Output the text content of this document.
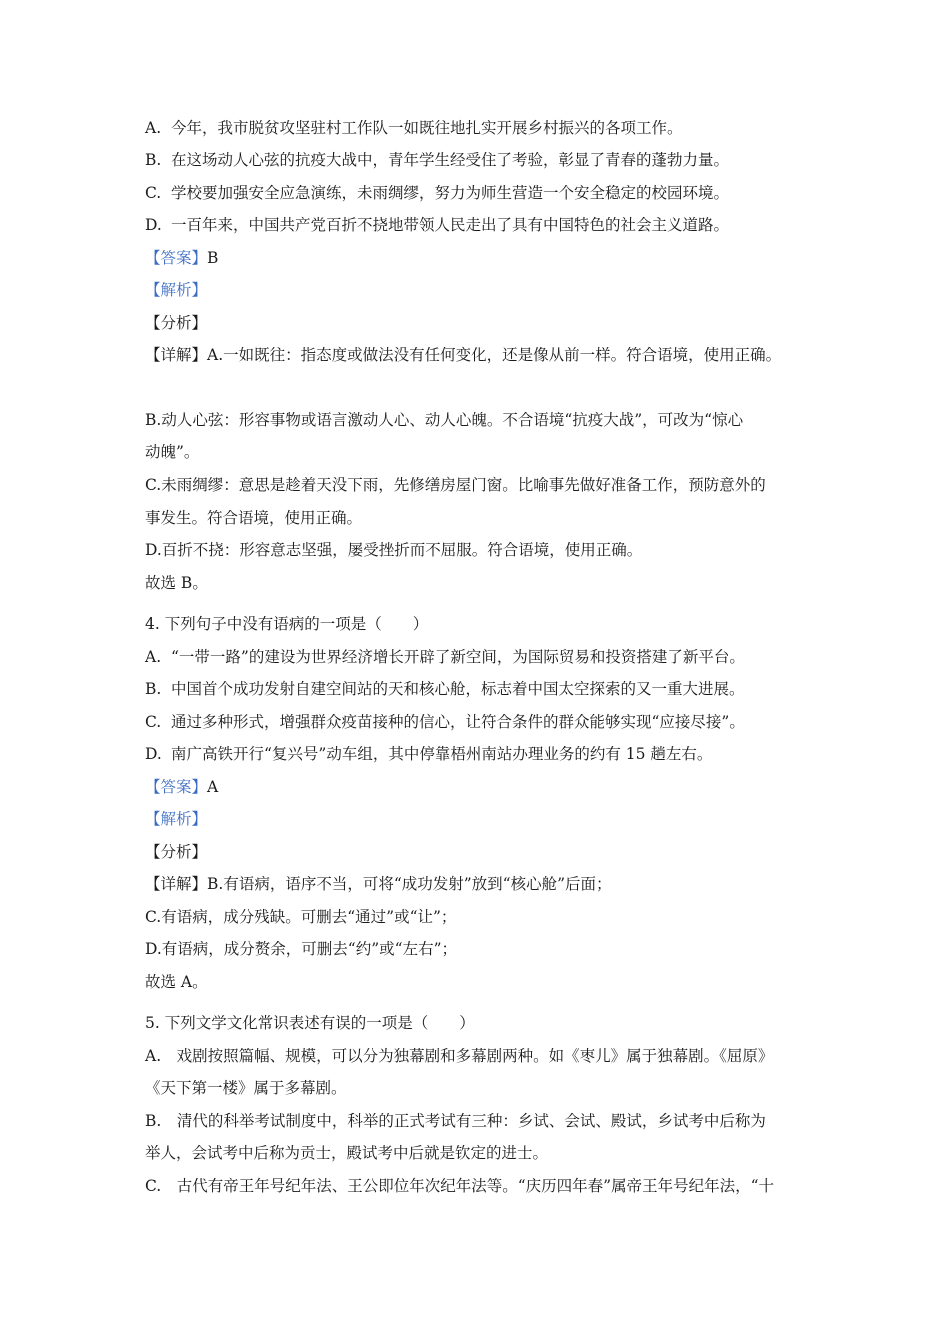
A. 今年，我市脱贫攻坚驻村工作队一如既往地扎实开展乡村振兴的各项工作。
B. 在这场动人心弦的抗疫大战中，青年学生经受住了考验，彰显了青春的蓬勃力量。
C. 学校要加强安全应急演练，未雨绸缪，努力为师生营造一个安全稳定的校园环境。
D. 一百年来，中国共产党百折不挠地带领人民走出了具有中国特色的社会主义道路。
【答案】B
【解析】
【分析】
【详解】A.一如既往：指态度或做法没有任何变化，还是像从前一样。符合语境，使用正确。
B.动人心弦：形容事物或语言激动人心、动人心魄。不合语境“抗疫大战”，可改为“惊心
动魄”。
C.未雨绸缪：意思是趁着天没下雨，先修缮房屋门窗。比喻事先做好准备工作，预防意外的
事发生。符合语境，使用正确。
D.百折不挠：形容意志坚强，屡受挫折而不屈服。符合语境，使用正确。
故选 B。
4. 下列句子中没有语病的一项是（　　）
A. “一带一路”的建设为世界经济增长开辟了新空间，为国际贸易和投资搭建了新平台。
B. 中国首个成功发射自建空间站的天和核心舱，标志着中国太空探索的又一重大进展。
C. 通过多种形式，增强群众疫苗接种的信心，让符合条件的群众能够实现“应接尽接”。
D. 南广高铁开行“复兴号”动车组，其中停靠梧州南站办理业务的约有 15 趟左右。
【答案】A
【解析】
【分析】
【详解】B.有语病，语序不当，可将“成功发射”放到“核心舱”后面；
C.有语病，成分残缺。可删去“通过”或“让”；
D.有语病，成分赘余，可删去“约”或“左右”；
故选 A。
5. 下列文学文化常识表述有误的一项是（　　）
A.　戏剧按照篇幅、规模，可以分为独幕剧和多幕剧两种。如《枣儿》属于独幕剧。《屈原》
《天下第一楼》属于多幕剧。
B.　清代的科举考试制度中，科举的正式考试有三种：乡试、会试、殿试，乡试考中后称为
举人，会试考中后称为贡士，殿试考中后就是钦定的进士。
C.　古代有帝王年号纪年法、王公即位年次纪年法等。“庆历四年春”属帝王年号纪年法，“十
